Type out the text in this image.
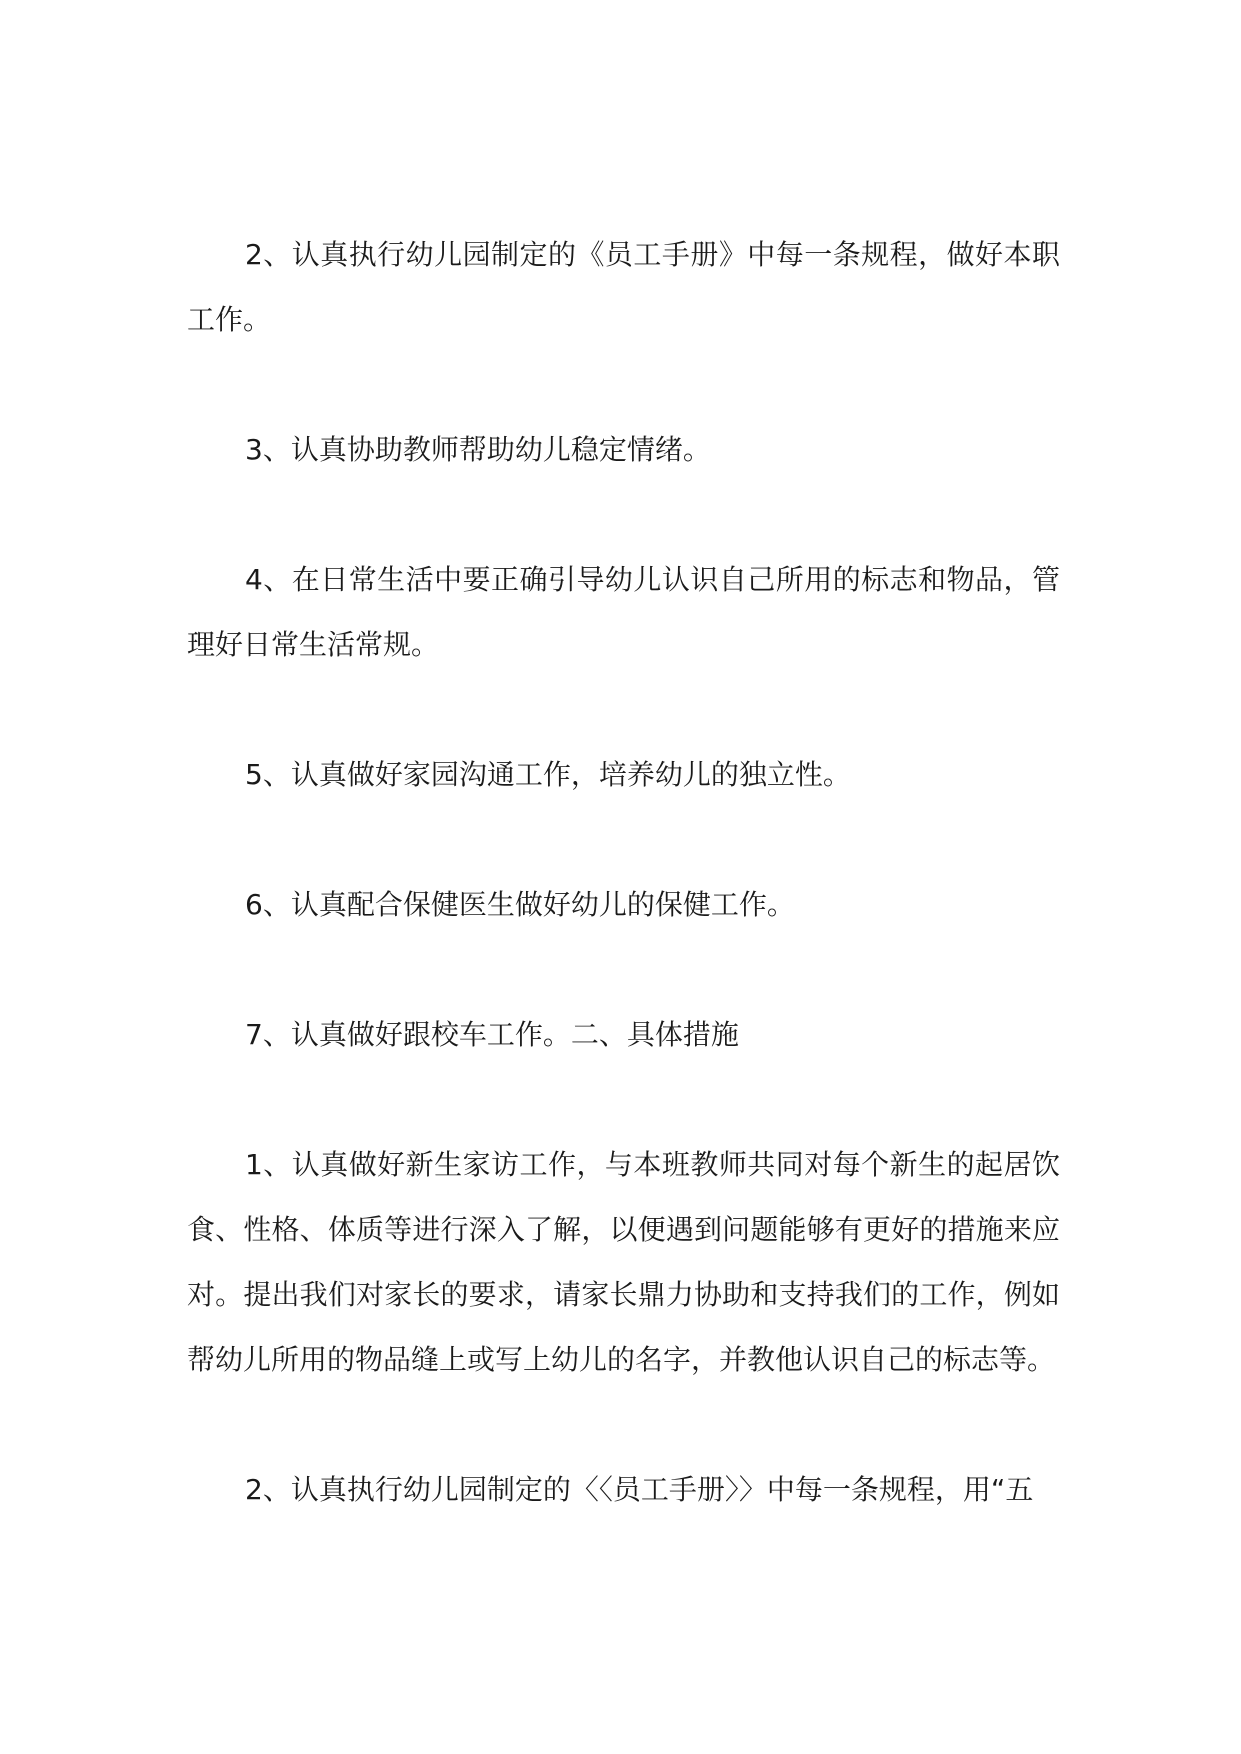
2、认真执行幼儿园制定的《员工手册》中每一条规程，做好本职工作。

3、认真协助教师帮助幼儿稳定情绪。

4、在日常生活中要正确引导幼儿认识自己所用的标志和物品，管理好日常生活常规。

5、认真做好家园沟通工作，培养幼儿的独立性。

6、认真配合保健医生做好幼儿的保健工作。

7、认真做好跟校车工作。二、具体措施

1、认真做好新生家访工作，与本班教师共同对每个新生的起居饮食、性格、体质等进行深入了解，以便遇到问题能够有更好的措施来应对。提出我们对家长的要求，请家长鼎力协助和支持我们的工作，例如帮幼儿所用的物品缝上或写上幼儿的名字，并教他认识自己的标志等。

2、认真执行幼儿园制定的〈〈员工手册〉〉中每一条规程，用“五
